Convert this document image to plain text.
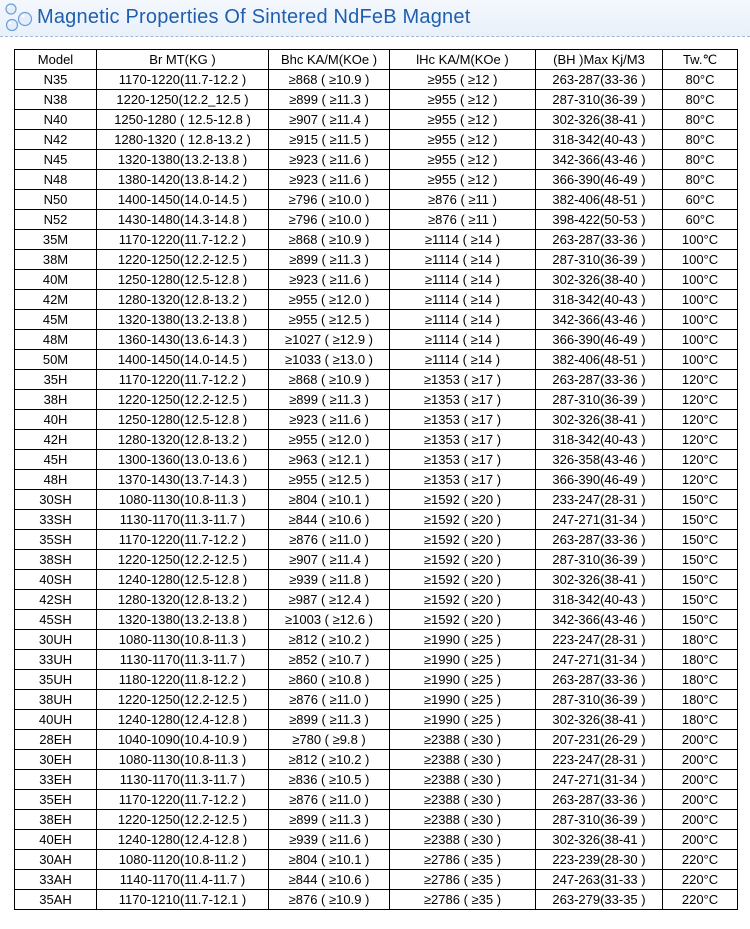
Magnetic Properties Of Sintered NdFeB Magnet
Model	Br MT(KG )	Bhc KA/M(KOe )	lHc KA/M(KOe )	(BH )Max Kj/M3	Tw.℃
N35	1170-1220(11.7-12.2 )	≥868 ( ≥10.9 )	≥955 ( ≥12 )	263-287(33-36 )	80°C
N38	1220-1250(12.2_12.5 )	≥899 ( ≥11.3 )	≥955 ( ≥12 )	287-310(36-39 )	80°C
N40	1250-1280 ( 12.5-12.8 )	≥907 ( ≥11.4 )	≥955 ( ≥12 )	302-326(38-41 )	80°C
N42	1280-1320 ( 12.8-13.2 )	≥915 ( ≥11.5 )	≥955 ( ≥12 )	318-342(40-43 )	80°C
N45	1320-1380(13.2-13.8 )	≥923 ( ≥11.6 )	≥955 ( ≥12 )	342-366(43-46 )	80°C
N48	1380-1420(13.8-14.2 )	≥923 ( ≥11.6 )	≥955 ( ≥12 )	366-390(46-49 )	80°C
N50	1400-1450(14.0-14.5 )	≥796 ( ≥10.0 )	≥876 ( ≥11 )	382-406(48-51 )	60°C
N52	1430-1480(14.3-14.8 )	≥796 ( ≥10.0 )	≥876 ( ≥11 )	398-422(50-53 )	60°C
35M	1170-1220(11.7-12.2 )	≥868 ( ≥10.9 )	≥1114 ( ≥14 )	263-287(33-36 )	100°C
38M	1220-1250(12.2-12.5 )	≥899 ( ≥11.3 )	≥1114 ( ≥14 )	287-310(36-39 )	100°C
40M	1250-1280(12.5-12.8 )	≥923 ( ≥11.6 )	≥1114 ( ≥14 )	302-326(38-40 )	100°C
42M	1280-1320(12.8-13.2 )	≥955 ( ≥12.0 )	≥1114 ( ≥14 )	318-342(40-43 )	100°C
45M	1320-1380(13.2-13.8 )	≥955 ( ≥12.5 )	≥1114 ( ≥14 )	342-366(43-46 )	100°C
48M	1360-1430(13.6-14.3 )	≥1027 ( ≥12.9 )	≥1114 ( ≥14 )	366-390(46-49 )	100°C
50M	1400-1450(14.0-14.5 )	≥1033 ( ≥13.0 )	≥1114 ( ≥14 )	382-406(48-51 )	100°C
35H	1170-1220(11.7-12.2 )	≥868 ( ≥10.9 )	≥1353 ( ≥17 )	263-287(33-36 )	120°C
38H	1220-1250(12.2-12.5 )	≥899 ( ≥11.3 )	≥1353 ( ≥17 )	287-310(36-39 )	120°C
40H	1250-1280(12.5-12.8 )	≥923 ( ≥11.6 )	≥1353 ( ≥17 )	302-326(38-41 )	120°C
42H	1280-1320(12.8-13.2 )	≥955 ( ≥12.0 )	≥1353 ( ≥17 )	318-342(40-43 )	120°C
45H	1300-1360(13.0-13.6 )	≥963 ( ≥12.1 )	≥1353 ( ≥17 )	326-358(43-46 )	120°C
48H	1370-1430(13.7-14.3 )	≥955 ( ≥12.5 )	≥1353 ( ≥17 )	366-390(46-49 )	120°C
30SH	1080-1130(10.8-11.3 )	≥804 ( ≥10.1 )	≥1592 ( ≥20 )	233-247(28-31 )	150°C
33SH	1130-1170(11.3-11.7 )	≥844 ( ≥10.6 )	≥1592 ( ≥20 )	247-271(31-34 )	150°C
35SH	1170-1220(11.7-12.2 )	≥876 ( ≥11.0 )	≥1592 ( ≥20 )	263-287(33-36 )	150°C
38SH	1220-1250(12.2-12.5 )	≥907 ( ≥11.4 )	≥1592 ( ≥20 )	287-310(36-39 )	150°C
40SH	1240-1280(12.5-12.8 )	≥939 ( ≥11.8 )	≥1592 ( ≥20 )	302-326(38-41 )	150°C
42SH	1280-1320(12.8-13.2 )	≥987 ( ≥12.4 )	≥1592 ( ≥20 )	318-342(40-43 )	150°C
45SH	1320-1380(13.2-13.8 )	≥1003 ( ≥12.6 )	≥1592 ( ≥20 )	342-366(43-46 )	150°C
30UH	1080-1130(10.8-11.3 )	≥812 ( ≥10.2 )	≥1990 ( ≥25 )	223-247(28-31 )	180°C
33UH	1130-1170(11.3-11.7 )	≥852 ( ≥10.7 )	≥1990 ( ≥25 )	247-271(31-34 )	180°C
35UH	1180-1220(11.8-12.2 )	≥860 ( ≥10.8 )	≥1990 ( ≥25 )	263-287(33-36 )	180°C
38UH	1220-1250(12.2-12.5 )	≥876 ( ≥11.0 )	≥1990 ( ≥25 )	287-310(36-39 )	180°C
40UH	1240-1280(12.4-12.8 )	≥899 ( ≥11.3 )	≥1990 ( ≥25 )	302-326(38-41 )	180°C
28EH	1040-1090(10.4-10.9 )	≥780 ( ≥9.8 )	≥2388 ( ≥30 )	207-231(26-29 )	200°C
30EH	1080-1130(10.8-11.3 )	≥812 ( ≥10.2 )	≥2388 ( ≥30 )	223-247(28-31 )	200°C
33EH	1130-1170(11.3-11.7 )	≥836 ( ≥10.5 )	≥2388 ( ≥30 )	247-271(31-34 )	200°C
35EH	1170-1220(11.7-12.2 )	≥876 ( ≥11.0 )	≥2388 ( ≥30 )	263-287(33-36 )	200°C
38EH	1220-1250(12.2-12.5 )	≥899 ( ≥11.3 )	≥2388 ( ≥30 )	287-310(36-39 )	200°C
40EH	1240-1280(12.4-12.8 )	≥939 ( ≥11.6 )	≥2388 ( ≥30 )	302-326(38-41 )	200°C
30AH	1080-1120(10.8-11.2 )	≥804 ( ≥10.1 )	≥2786 ( ≥35 )	223-239(28-30 )	220°C
33AH	1140-1170(11.4-11.7 )	≥844 ( ≥10.6 )	≥2786 ( ≥35 )	247-263(31-33 )	220°C
35AH	1170-1210(11.7-12.1 )	≥876 ( ≥10.9 )	≥2786 ( ≥35 )	263-279(33-35 )	220°C
